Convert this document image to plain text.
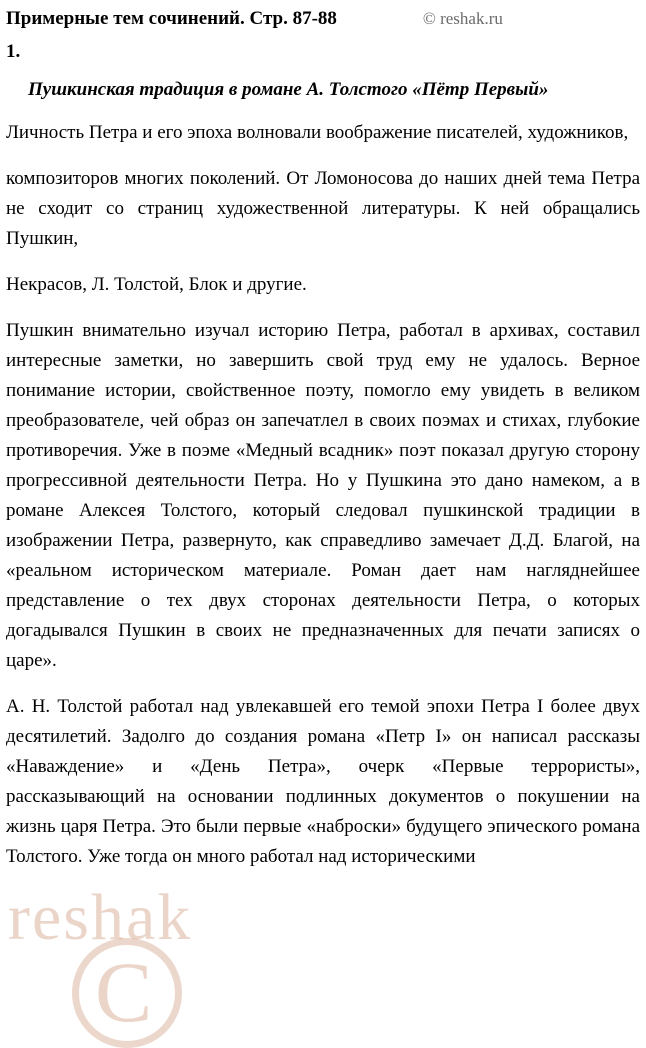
reshak
C
Примерные тем сочинений. Стр. 87-88	© reshak.ru
1.
Пушкинская традиция в романе А. Толстого «Пётр Первый»

Личность Петра и его эпоха волновали воображение писателей, художников,

композиторов многих поколений. От Ломоносова до наших дней тема Петра не сходит со страниц художественной литературы. К ней обращались Пушкин,

Некрасов, Л. Толстой, Блок и другие.

Пушкин внимательно изучал историю Петра, работал в архивах, составил интересные заметки, но завершить свой труд ему не удалось. Верное понимание истории, свойственное поэту, помогло ему увидеть в великом преобразователе, чей образ он запечатлел в своих поэмах и стихах, глубокие противоречия. Уже в поэме «Медный всадник» поэт показал другую сторону прогрессивной деятельности Петра. Но у Пушкина это дано намеком, а в романе Алексея Толстого, который следовал пушкинской традиции в изображении Петра, развернуто, как справедливо замечает Д.Д. Благой, на «реальном историческом материале. Роман дает нам нагляднейшее представление о тех двух сторонах деятельности Петра, о которых догадывался Пушкин в своих не предназначенных для печати записях о царе».

А. Н. Толстой работал над увлекавшей его темой эпохи Петра I более двух десятилетий. Задолго до создания романа «Петр I» он написал рассказы «Наваждение» и «День Петра», очерк «Первые террористы», рассказывающий на основании подлинных документов о покушении на жизнь царя Петра. Это были первые «наброски» будущего эпического романа Толстого. Уже тогда он много работал над историческими
